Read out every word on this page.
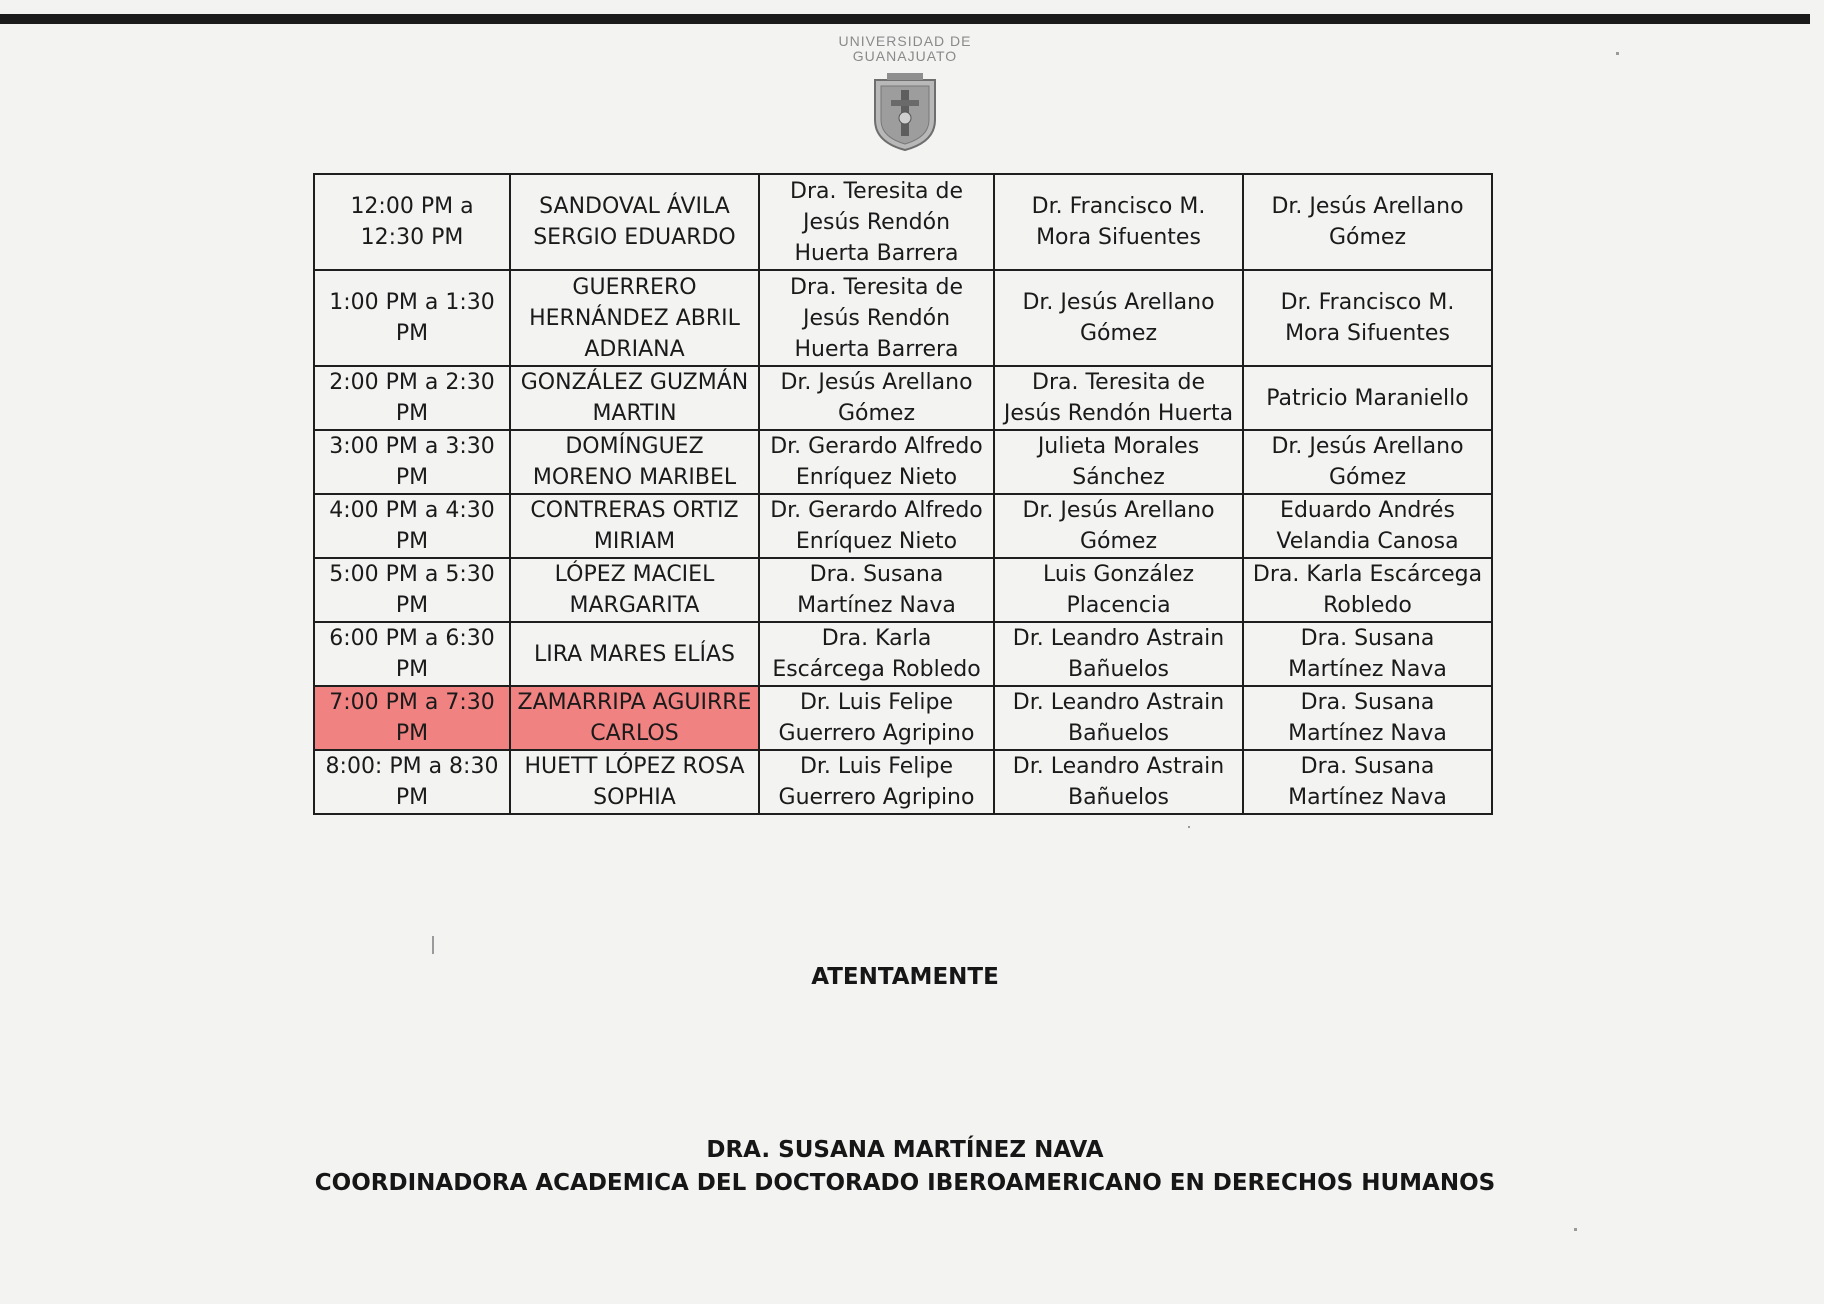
UNIVERSIDAD DE
GUANAJUATO
12:00 PM a 12:30 PM	SANDOVAL ÁVILA SERGIO EDUARDO	Dra. Teresita de Jesús Rendón Huerta Barrera	Dr. Francisco M. Mora Sifuentes	Dr. Jesús Arellano Gómez
1:00 PM a 1:30 PM	GUERRERO HERNÁNDEZ ABRIL ADRIANA	Dra. Teresita de Jesús Rendón Huerta Barrera	Dr. Jesús Arellano Gómez	Dr. Francisco M. Mora Sifuentes
2:00 PM a 2:30 PM	GONZÁLEZ GUZMÁN MARTIN	Dr. Jesús Arellano Gómez	Dra. Teresita de Jesús Rendón Huerta	Patricio Maraniello
3:00 PM a 3:30 PM	DOMÍNGUEZ MORENO MARIBEL	Dr. Gerardo Alfredo Enríquez Nieto	Julieta Morales Sánchez	Dr. Jesús Arellano Gómez
4:00 PM a 4:30 PM	CONTRERAS ORTIZ MIRIAM	Dr. Gerardo Alfredo Enríquez Nieto	Dr. Jesús Arellano Gómez	Eduardo Andrés Velandia Canosa
5:00 PM a 5:30 PM	LÓPEZ MACIEL MARGARITA	Dra. Susana Martínez Nava	Luis González Placencia	Dra. Karla Escárcega Robledo
6:00 PM a 6:30 PM	LIRA MARES ELÍAS	Dra. Karla Escárcega Robledo	Dr. Leandro Astrain Bañuelos	Dra. Susana Martínez Nava
7:00 PM a 7:30 PM	ZAMARRIPA AGUIRRE CARLOS	Dr. Luis Felipe Guerrero Agripino	Dr. Leandro Astrain Bañuelos	Dra. Susana Martínez Nava
8:00: PM a 8:30 PM	HUETT LÓPEZ ROSA SOPHIA	Dr. Luis Felipe Guerrero Agripino	Dr. Leandro Astrain Bañuelos	Dra. Susana Martínez Nava
ATENTAMENTE
DRA. SUSANA MARTÍNEZ NAVA
COORDINADORA ACADEMICA DEL DOCTORADO IBEROAMERICANO EN DERECHOS HUMANOS
